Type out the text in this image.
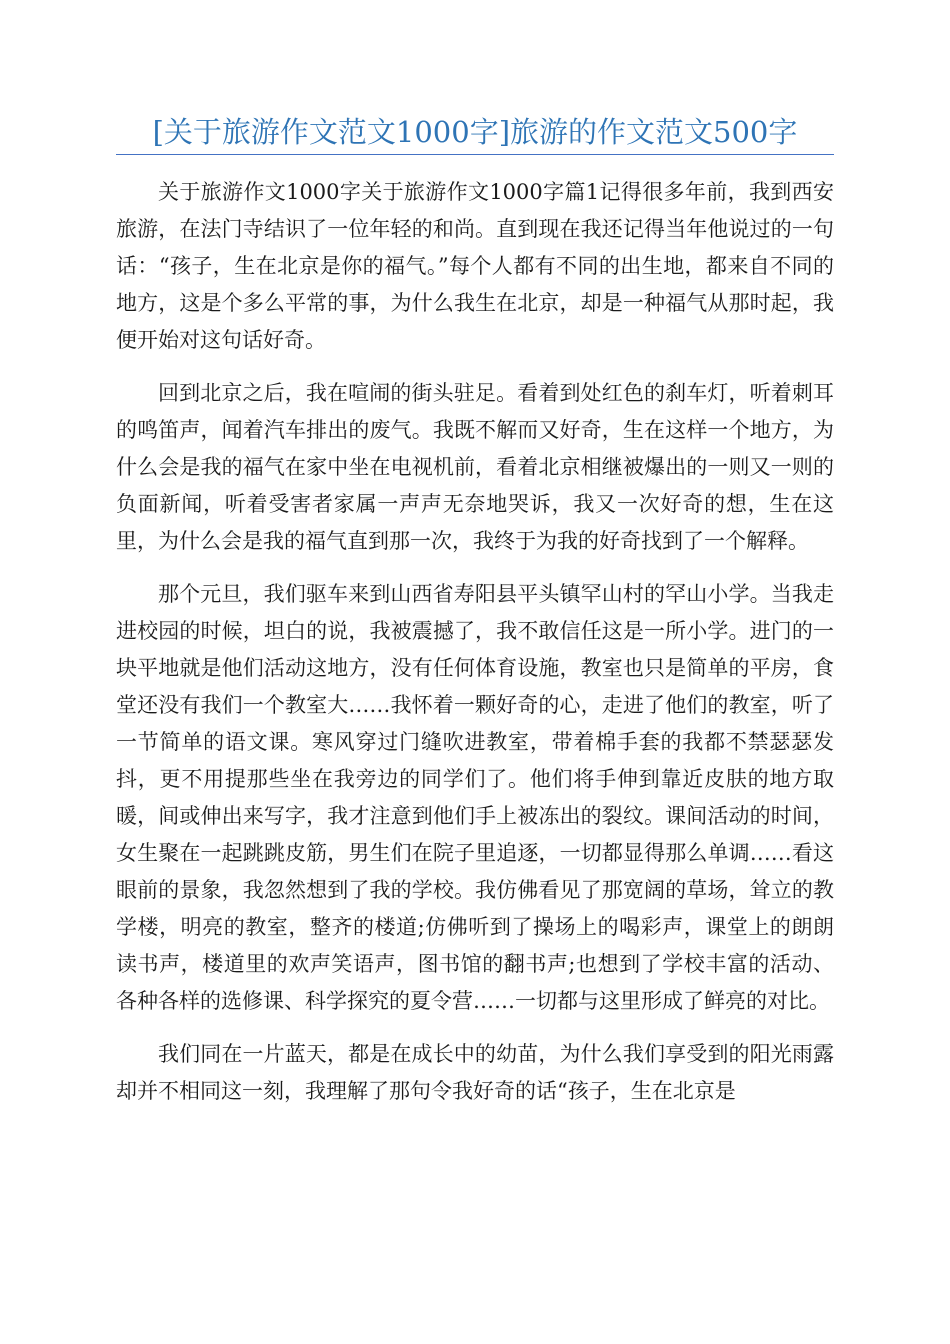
[关于旅游作文范文1000字]旅游的作文范文500字

关于旅游作文1000字关于旅游作文1000字篇1记得很多年前，我到西安旅游，在法门寺结识了一位年轻的和尚。直到现在我还记得当年他说过的一句话：“孩子，生在北京是你的福气。”每个人都有不同的出生地，都来自不同的地方，这是个多么平常的事，为什么我生在北京，却是一种福气从那时起，我便开始对这句话好奇。

回到北京之后，我在喧闹的街头驻足。看着到处红色的刹车灯，听着刺耳的鸣笛声，闻着汽车排出的废气。我既不解而又好奇，生在这样一个地方，为什么会是我的福气在家中坐在电视机前，看着北京相继被爆出的一则又一则的负面新闻，听着受害者家属一声声无奈地哭诉，我又一次好奇的想，生在这里，为什么会是我的福气直到那一次，我终于为我的好奇找到了一个解释。

那个元旦，我们驱车来到山西省寿阳县平头镇罕山村的罕山小学。当我走进校园的时候，坦白的说，我被震撼了，我不敢信任这是一所小学。进门的一块平地就是他们活动这地方，没有任何体育设施，教室也只是简单的平房，食堂还没有我们一个教室大……我怀着一颗好奇的心，走进了他们的教室，听了一节简单的语文课。寒风穿过门缝吹进教室，带着棉手套的我都不禁瑟瑟发抖，更不用提那些坐在我旁边的同学们了。他们将手伸到靠近皮肤的地方取暖，间或伸出来写字，我才注意到他们手上被冻出的裂纹。课间活动的时间，女生聚在一起跳跳皮筋，男生们在院子里追逐，一切都显得那么单调……看这眼前的景象，我忽然想到了我的学校。我仿佛看见了那宽阔的草场，耸立的教学楼，明亮的教室，整齐的楼道;仿佛听到了操场上的喝彩声，课堂上的朗朗读书声，楼道里的欢声笑语声，图书馆的翻书声;也想到了学校丰富的活动、各种各样的选修课、科学探究的夏令营……一切都与这里形成了鲜亮的对比。

我们同在一片蓝天，都是在成长中的幼苗，为什么我们享受到的阳光雨露却并不相同这一刻，我理解了那句令我好奇的话“孩子，生在北京是
